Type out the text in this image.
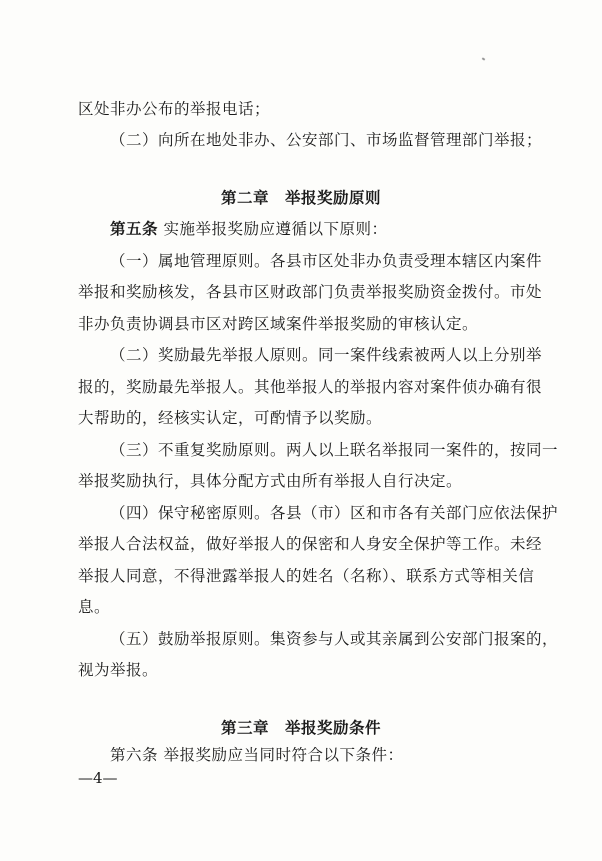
区处非办公布的举报电话；
（二）向所在地处非办、公安部门、市场监督管理部门举报；
第二章　举报奖励原则
第五条 实施举报奖励应遵循以下原则：
（一）属地管理原则。各县市区处非办负责受理本辖区内案件
举报和奖励核发，各县市区财政部门负责举报奖励资金拨付。市处
非办负责协调县市区对跨区域案件举报奖励的审核认定。
（二）奖励最先举报人原则。同一案件线索被两人以上分别举
报的，奖励最先举报人。其他举报人的举报内容对案件侦办确有很
大帮助的，经核实认定，可酌情予以奖励。
（三）不重复奖励原则。两人以上联名举报同一案件的，按同一
举报奖励执行，具体分配方式由所有举报人自行决定。
（四）保守秘密原则。各县（市）区和市各有关部门应依法保护
举报人合法权益，做好举报人的保密和人身安全保护等工作。未经
举报人同意，不得泄露举报人的姓名（名称）、联系方式等相关信
息。
（五）鼓励举报原则。集资参与人或其亲属到公安部门报案的，
视为举报。
第三章　举报奖励条件
第六条 举报奖励应当同时符合以下条件：
—4—
